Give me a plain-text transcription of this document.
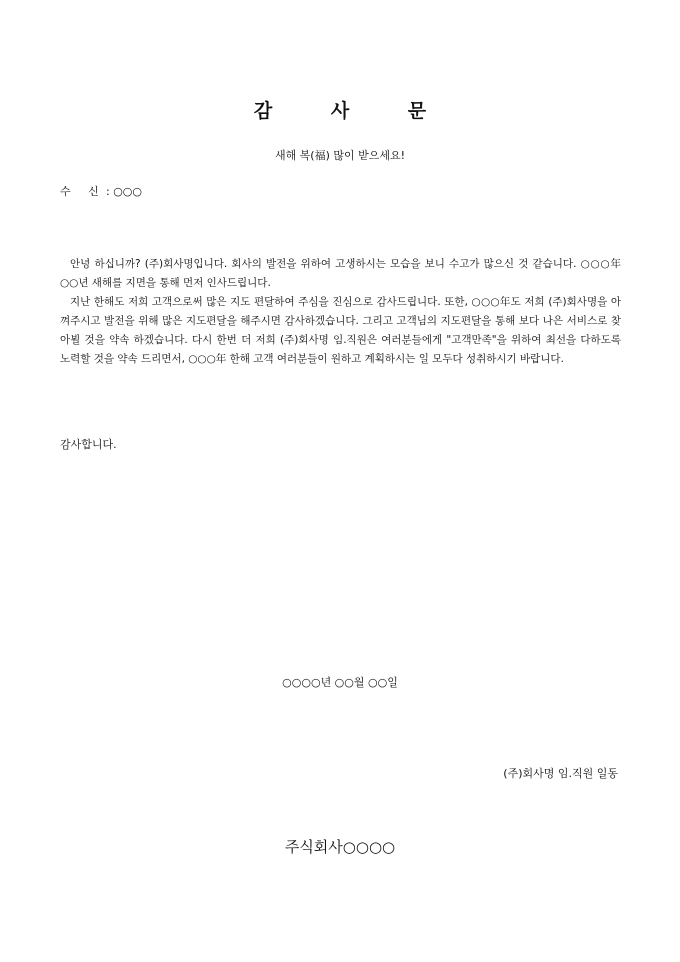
감 사 문
새해 복(福) 많이 받으세요!
수     신 : ○○○

안녕 하십니까? (주)회사명입니다. 회사의 발전을 위하여 고생하시는 모습을 보니 수고가 많으신 것 같습니다. ○○○年 ○○년 새해를 지면을 통해 먼저 인사드립니다.

지난 한해도 저희 고객으로써 많은 지도 편달하여 주심을 진심으로 감사드립니다. 또한, ○○○年도 저희 (주)회사명을 아껴주시고 발전을 위해 많은 지도편달을 해주시면 감사하겠습니다. 그리고 고객님의 지도편달을 통해 보다 나은 서비스로 찾아뵐 것을 약속 하겠습니다. 다시 한번 더 저희 (주)회사명 임.직원은 여러분들에게 "고객만족"을 위하여 최선을 다하도록 노력할 것을 약속 드리면서, ○○○年 한해 고객 여러분들이 원하고 계획하시는 일 모두다 성취하시기 바랍니다.

감사합니다.
○○○○년 ○○월 ○○일
(주)회사명 임.직원 일동
주식회사○○○○
